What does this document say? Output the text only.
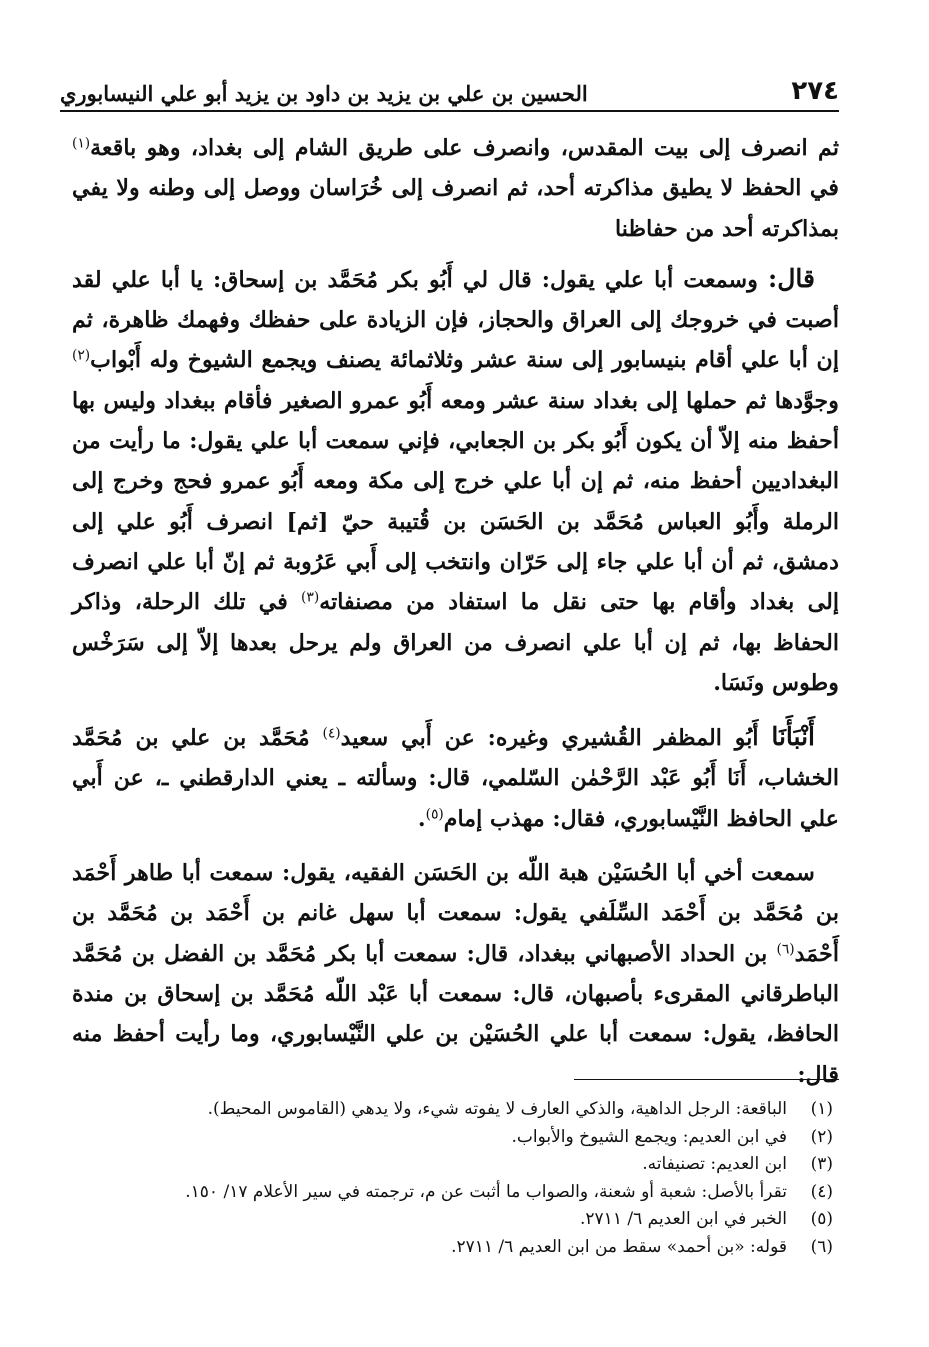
٢٧٤
الحسين بن علي بن يزيد بن داود بن يزيد أبو علي النيسابوري

ثم انصرف إلى بيت المقدس، وانصرف على طريق الشام إلى بغداد، وهو باقعة$^{(١)}$ في الحفظ لا يطيق مذاكرته أحد، ثم انصرف إلى خُرَاسان ووصل إلى وطنه ولا يفي بمذاكرته أحد من حفاظنا

قال: وسمعت أبا علي يقول: قال لي أَبُو بكر مُحَمَّد بن إسحاق: يا أبا علي لقد أصبت في خروجك إلى العراق والحجاز، فإن الزيادة على حفظك وفهمك ظاهرة، ثم إن أبا علي أقام بنيسابور إلى سنة عشر وثلاثمائة يصنف ويجمع الشيوخ وله أَبْواب$^{(٢)}$ وجوَّدها ثم حملها إلى بغداد سنة عشر ومعه أَبُو عمرو الصغير فأقام ببغداد وليس بها أحفظ منه إلاّ أن يكون أَبُو بكر بن الجعابي، فإني سمعت أبا علي يقول: ما رأيت من البغداديين أحفظ منه، ثم إن أبا علي خرج إلى مكة ومعه أَبُو عمرو فحج وخرج إلى الرملة وأَبُو العباس مُحَمَّد بن الحَسَن بن قُتيبة حيّ [ثم] انصرف أَبُو علي إلى دمشق، ثم أن أبا علي جاء إلى حَرّان وانتخب إلى أَبي عَرُوبة ثم إنّ أبا علي انصرف إلى بغداد وأقام بها حتى نقل ما استفاد من مصنفاته$^{(٣)}$ في تلك الرحلة، وذاكر الحفاظ بها، ثم إن أبا علي انصرف من العراق ولم يرحل بعدها إلاّ إلى سَرَخْس وطوس ونَسَا.

أَنْبَأَنَا أَبُو المظفر القُشيري وغيره: عن أَبي سعيد$^{(٤)}$ مُحَمَّد بن علي بن مُحَمَّد الخشاب، أَنَا أَبُو عَبْد الرَّحْمٰن السّلمي، قال: وسألته ـ يعني الدارقطني ـ، عن أَبي علي الحافظ النَّيْسابوري، فقال: مهذب إمام$^{(٥)}$.

سمعت أخي أبا الحُسَيْن هبة اللّه بن الحَسَن الفقيه، يقول: سمعت أبا طاهر أَحْمَد بن مُحَمَّد بن أَحْمَد السِّلَفي يقول: سمعت أبا سهل غانم بن أَحْمَد بن مُحَمَّد بن أَحْمَد$^{(٦)}$ بن الحداد الأصبهاني ببغداد، قال: سمعت أبا بكر مُحَمَّد بن الفضل بن مُحَمَّد الباطرقاني المقرىء بأصبهان، قال: سمعت أبا عَبْد اللّه مُحَمَّد بن إسحاق بن مندة الحافظ، يقول: سمعت أبا علي الحُسَيْن بن علي النَّيْسابوري، وما رأيت أحفظ منه قال:

(١)
الباقعة: الرجل الداهية، والذكي العارف لا يفوته شيء، ولا يدهي (القاموس المحيط).
(٢)
في ابن العديم: ويجمع الشيوخ والأبواب.
(٣)
ابن العديم: تصنيفاته.
(٤)
تقرأ بالأصل: شعبة أو شعنة، والصواب ما أثبت عن م، ترجمته في سير الأعلام ١٧/ ١٥٠.
(٥)
الخبر في ابن العديم ٦/ ٢٧١١.
(٦)
قوله: «بن أحمد» سقط من ابن العديم ٦/ ٢٧١١.
